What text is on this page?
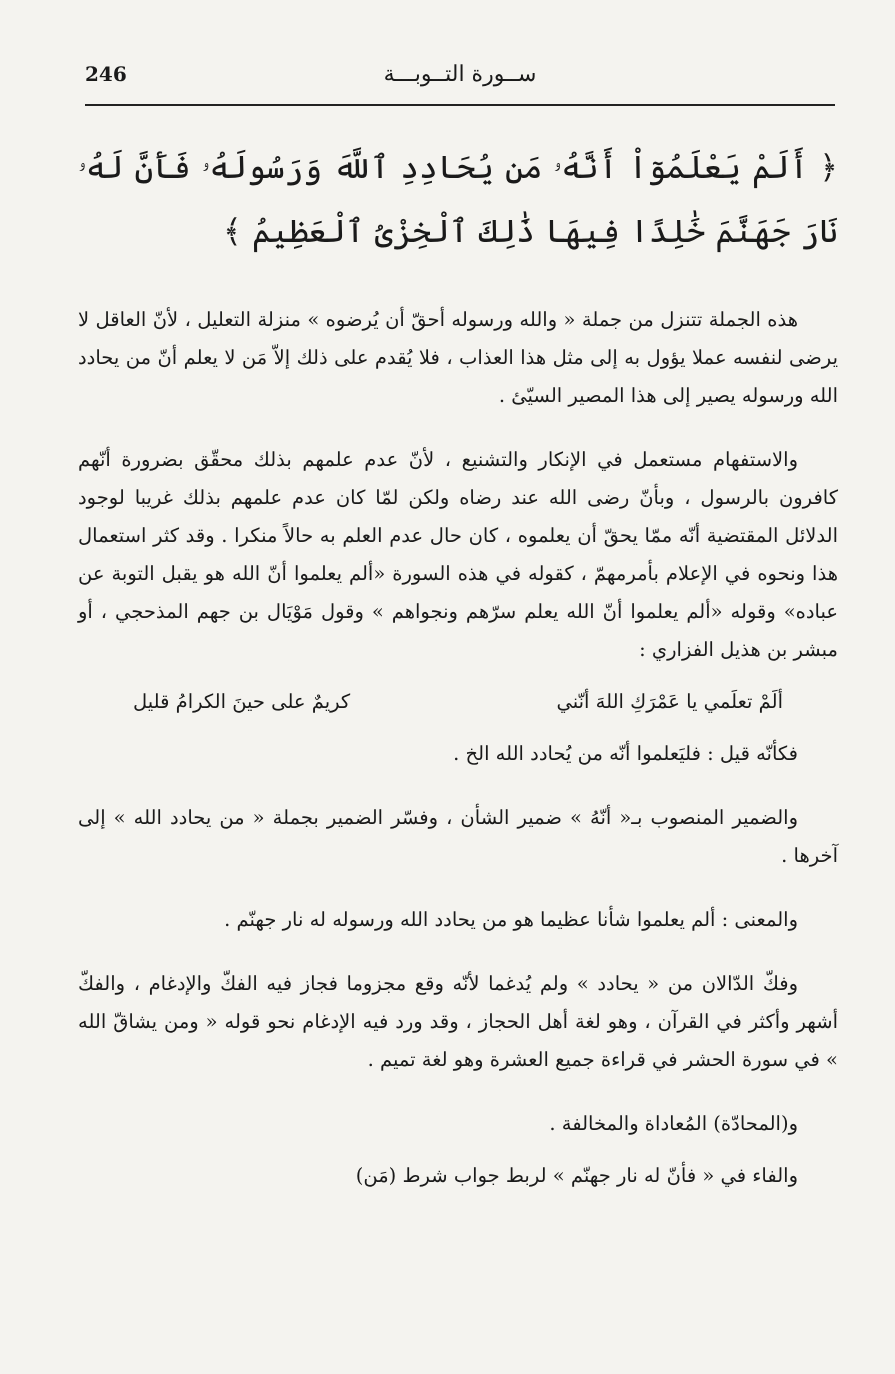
246	ســورة التــوبـــة

﴿ أَلَمْ يَعْلَمُوٓاْ أَنَّهُۥ مَن يُحَادِدِ ٱللَّهَ وَرَسُولَهُۥ فَأَنَّ لَهُۥ نَارَ جَهَنَّمَ خَٰلِدًا فِيهَا ذَٰلِكَ ٱلْخِزْىُ ٱلْعَظِيمُ ﴾

هذه الجملة تتنزل من جملة « والله ورسوله أحقّ أن يُرضوه » منزلة التعليل ، لأنّ العاقل لا يرضى لنفسه عملا يؤول به إلى مثل هذا العذاب ، فلا يُقدم على ذلك إلاّ مَن لا يعلم أنّ من يحادد الله ورسوله يصير إلى هذا المصير السيّئ .

والاستفهام مستعمل في الإنكار والتشنيع ، لأنّ عدم علمهم بذلك محقّق بضرورة أنّهم كافرون بالرسول ، وبأنّ رضى الله عند رضاه ولكن لمّا كان عدم علمهم بذلك غريبا لوجود الدلائل المقتضية أنّه ممّا يحقّ أن يعلموه ، كان حال عدم العلم به حالاً منكرا . وقد كثر استعمال هذا ونحوه في الإعلام بأمرمهمّ ، كقوله في هذه السورة «ألم يعلموا أنّ الله هو يقبل التوبة عن عباده» وقوله «ألم يعلموا أنّ الله يعلم سرّهم ونجواهم » وقول مَوْيَال بن جهم المذحجي ، أو مبشر بن هذيل الفزاري :

ألَمْ تعلَمي يا عَمْرَكِ اللهَ أنّني
كريمٌ على حينَ الكرامُ قليل

فكأنّه قيل : فليَعلموا أنّه من يُحادد الله الخ .

والضمير المنصوب بـ« أنّهُ » ضمير الشأن ، وفسّر الضمير بجملة « من يحادد الله » إلى آخرها .

والمعنى : ألم يعلموا شأنا عظيما هو من يحادد الله ورسوله له نار جهنّم .

وفكّ الدّالان من « يحادد » ولم يُدغما لأنّه وقع مجزوما فجاز فيه الفكّ والإدغام ، والفكّ أشهر وأكثر في القرآن ، وهو لغة أهل الحجاز ، وقد ورد فيه الإدغام نحو قوله « ومن يشاقّ الله » في سورة الحشر في قراءة جميع العشرة وهو لغة تميم .

و(المحادّة) المُعاداة والمخالفة .

والفاء في « فأنّ له نار جهنّم » لربط جواب شرط (مَن)
